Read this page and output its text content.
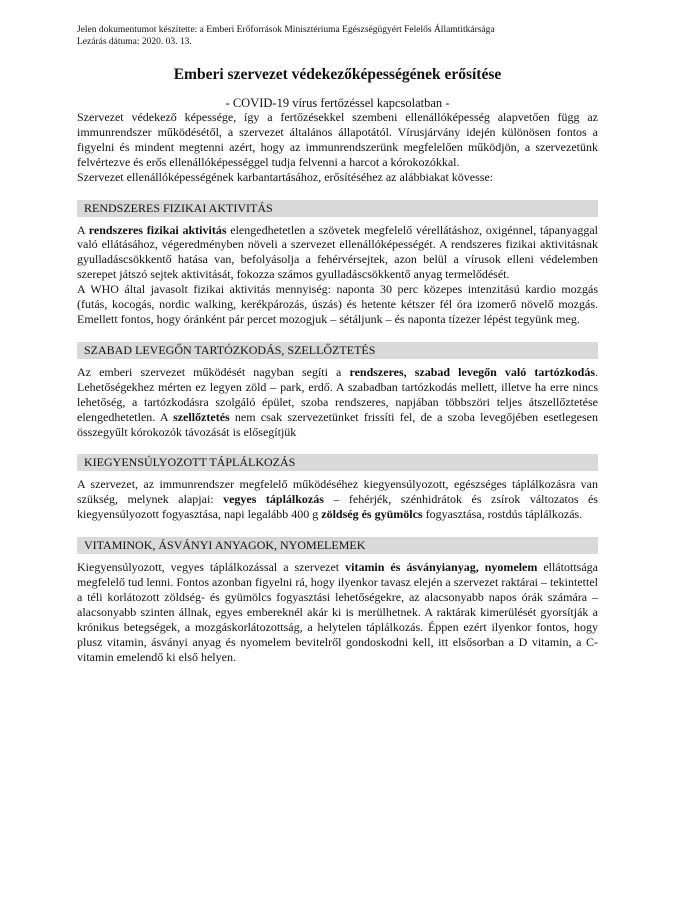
Jelen dokumentumot készítette: a Emberi Erőforrások Minisztériuma Egészségügyért Felelős Államtitkársága
Lezárás dátuma: 2020. 03. 13.
Emberi szervezet védekezőképességének erősítése
- COVID-19 vírus fertőzéssel kapcsolatban -

Szervezet védekező képessége, így a fertőzésekkel szembeni ellenállóképesség alapvetően függ az immunrendszer működésétől, a szervezet általános állapotától. Vírusjárvány idején különösen fontos a figyelni és mindent megtenni azért, hogy az immunrendszerünk megfelelően működjön, a szervezetünk felvértezve és erős ellenállóképességgel tudja felvenni a harcot a kórokozókkal.

Szervezet ellenállóképességének karbantartásához, erősítéséhez az alábbiakat kövesse:

RENDSZERES FIZIKAI AKTIVITÁS

A rendszeres fizikai aktivitás elengedhetetlen a szövetek megfelelő vérellátáshoz, oxigénnel, tápanyaggal való ellátásához, végeredményben növeli a szervezet ellenállóképességét. A rendszeres fizikai aktivitásnak gyulladáscsökkentő hatása van, befolyásolja a fehérvérsejtek, azon belül a vírusok elleni védelemben szerepet játszó sejtek aktivitását, fokozza számos gyulladáscsökkentő anyag termelődését.

A WHO által javasolt fizikai aktivitás mennyiség: naponta 30 perc közepes intenzitású kardio mozgás (futás, kocogás, nordic walking, kerékpározás, úszás) és hetente kétszer fél óra izomerő növelő mozgás. Emellett fontos, hogy óránként pár percet mozogjuk – sétáljunk – és naponta tízezer lépést tegyünk meg.

SZABAD LEVEGŐN TARTÓZKODÁS, SZELLŐZTETÉS

Az emberi szervezet működését nagyban segíti a rendszeres, szabad levegőn való tartózkodás. Lehetőségekhez mérten ez legyen zöld – park, erdő. A szabadban tartózkodás mellett, illetve ha erre nincs lehetőség, a tartózkodásra szolgáló épület, szoba rendszeres, napjában többszöri teljes átszellőztetése elengedhetetlen. A szellőztetés nem csak szervezetünket frissíti fel, de a szoba levegőjében esetlegesen összegyűlt kórokozók távozását is elősegítjük

KIEGYENSÚLYOZOTT TÁPLÁLKOZÁS

A szervezet, az immunrendszer megfelelő működéséhez kiegyensúlyozott, egészséges táplálkozásra van szükség, melynek alapjai: vegyes táplálkozás – fehérjék, szénhidrátok és zsírok változatos és kiegyensúlyozott fogyasztása, napi legalább 400 g zöldség és gyümölcs fogyasztása, rostdús táplálkozás.

VITAMINOK, ÁSVÁNYI ANYAGOK, NYOMELEMEK

Kiegyensúlyozott, vegyes táplálkozással a szervezet vitamin és ásványianyag, nyomelem ellátottsága megfelelő tud lenni. Fontos azonban figyelni rá, hogy ilyenkor tavasz elején a szervezet raktárai – tekintettel a téli korlátozott zöldség- és gyümölcs fogyasztási lehetőségekre, az alacsonyabb napos órák számára – alacsonyabb szinten állnak, egyes embereknél akár ki is merülhetnek. A raktárak kimerülését gyorsítják a krónikus betegségek, a mozgáskorlátozottság, a helytelen táplálkozás. Éppen ezért ilyenkor fontos, hogy plusz vitamin, ásványi anyag és nyomelem bevitelről gondoskodni kell, itt elsősorban a D vitamin, a C-vitamin emelendő ki első helyen.
